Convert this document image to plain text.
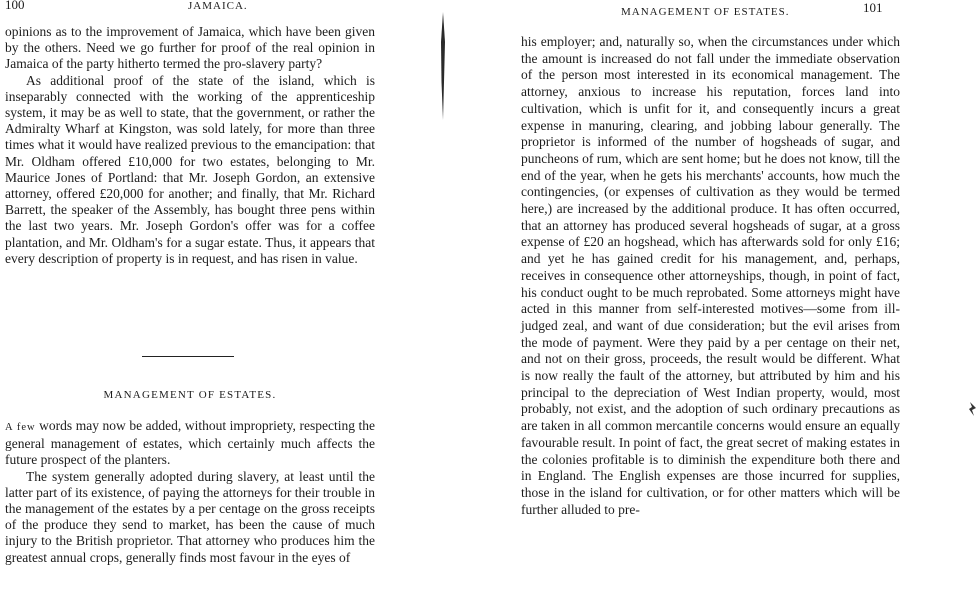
100	JAMAICA.

opinions as to the improvement of Jamaica, which have been given by the others. Need we go further for proof of the real opinion in Jamaica of the party hitherto termed the pro-slavery party?

As additional proof of the state of the island, which is inseparably connected with the working of the apprenticeship system, it may be as well to state, that the government, or rather the Admiralty Wharf at Kingston, was sold lately, for more than three times what it would have realized previous to the emancipation: that Mr. Oldham offered £10,000 for two estates, belonging to Mr. Maurice Jones of Portland: that Mr. Joseph Gordon, an extensive attorney, offered £20,000 for another; and finally, that Mr. Richard Barrett, the speaker of the Assembly, has bought three pens within the last two years. Mr. Joseph Gordon's offer was for a coffee plantation, and Mr. Oldham's for a sugar estate. Thus, it appears that every description of property is in request, and has risen in value.

MANAGEMENT OF ESTATES.

A few words may now be added, without impropriety, respecting the general management of estates, which certainly much affects the future prospect of the planters.

The system generally adopted during slavery, at least until the latter part of its existence, of paying the attorneys for their trouble in the management of the estates by a per centage on the gross receipts of the produce they send to market, has been the cause of much injury to the British proprietor. That attorney who produces him the greatest annual crops, generally finds most favour in the eyes of

MANAGEMENT OF ESTATES.	101

his employer; and, naturally so, when the circumstances under which the amount is increased do not fall under the immediate observation of the person most interested in its economical management. The attorney, anxious to increase his reputation, forces land into cultivation, which is unfit for it, and consequently incurs a great expense in manuring, clearing, and jobbing labour generally. The proprietor is informed of the number of hogsheads of sugar, and puncheons of rum, which are sent home; but he does not know, till the end of the year, when he gets his merchants' accounts, how much the contingencies, (or expenses of cultivation as they would be termed here,) are increased by the additional produce. It has often occurred, that an attorney has produced several hogsheads of sugar, at a gross expense of £20 an hogshead, which has afterwards sold for only £16; and yet he has gained credit for his management, and, perhaps, receives in consequence other attorneyships, though, in point of fact, his conduct ought to be much reprobated. Some attorneys might have acted in this manner from self-interested motives—some from ill-judged zeal, and want of due consideration; but the evil arises from the mode of payment. Were they paid by a per centage on their net, and not on their gross, proceeds, the result would be different. What is now really the fault of the attorney, but attributed by him and his principal to the depreciation of West Indian property, would, most probably, not exist, and the adoption of such ordinary precautions as are taken in all common mercantile concerns would ensure an equally favourable result. In point of fact, the great secret of making estates in the colonies profitable is to diminish the expenditure both there and in England. The English expenses are those incurred for supplies, those in the island for cultivation, or for other matters which will be further alluded to pre-
